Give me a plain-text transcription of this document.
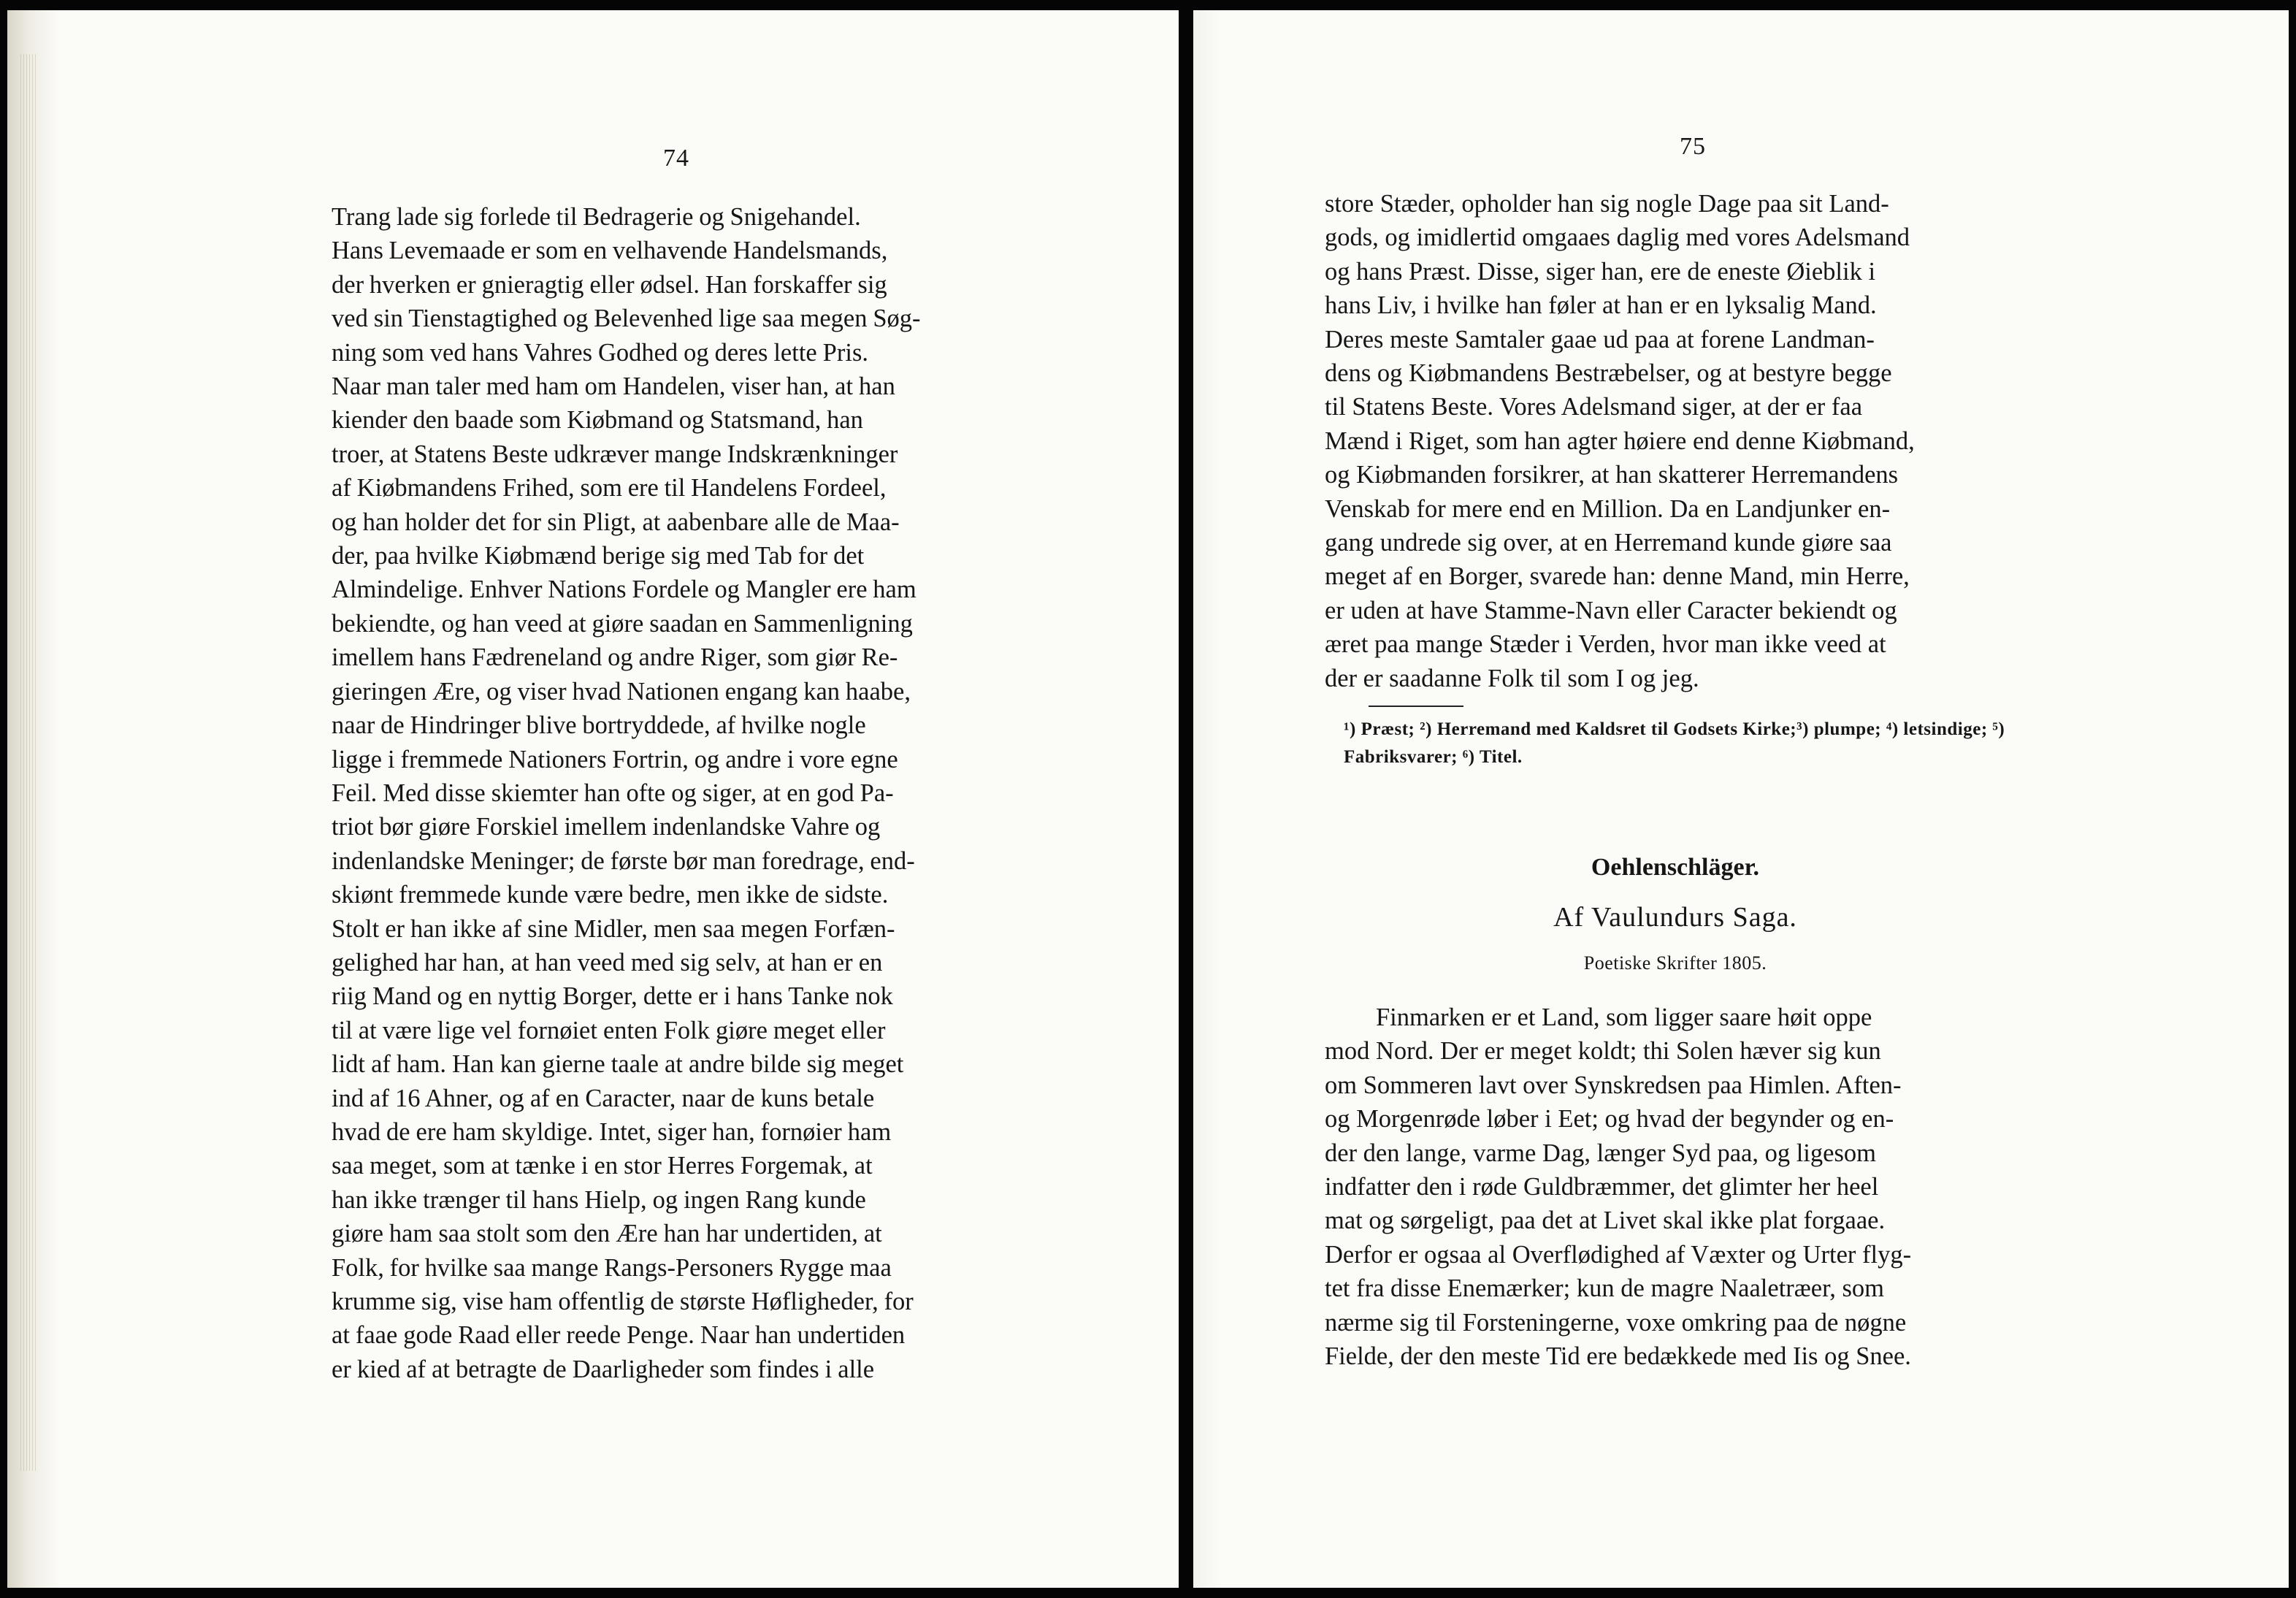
74
Trang lade sig forlede til Bedragerie og Snigehandel.
Hans Levemaade er som en velhavende Handelsmands,
der hverken er gnieragtig eller ødsel. Han forskaffer sig
ved sin Tienstagtighed og Belevenhed lige saa megen Søg-
ning som ved hans Vahres Godhed og deres lette Pris.
Naar man taler med ham om Handelen, viser han, at han
kiender den baade som Kiøbmand og Statsmand, han
troer, at Statens Beste udkræver mange Indskrænkninger
af Kiøbmandens Frihed, som ere til Handelens Fordeel,
og han holder det for sin Pligt, at aabenbare alle de Maa-
der, paa hvilke Kiøbmænd berige sig med Tab for det
Almindelige. Enhver Nations Fordele og Mangler ere ham
bekiendte, og han veed at giøre saadan en Sammenligning
imellem hans Fædreneland og andre Riger, som giør Re-
gieringen Ære, og viser hvad Nationen engang kan haabe,
naar de Hindringer blive bortryddede, af hvilke nogle
ligge i fremmede Nationers Fortrin, og andre i vore egne
Feil. Med disse skiemter han ofte og siger, at en god Pa-
triot bør giøre Forskiel imellem indenlandske Vahre og
indenlandske Meninger; de første bør man foredrage, end-
skiønt fremmede kunde være bedre, men ikke de sidste.
Stolt er han ikke af sine Midler, men saa megen Forfæn-
gelighed har han, at han veed med sig selv, at han er en
riig Mand og en nyttig Borger, dette er i hans Tanke nok
til at være lige vel fornøiet enten Folk giøre meget eller
lidt af ham. Han kan gierne taale at andre bilde sig meget
ind af 16 Ahner, og af en Caracter, naar de kuns betale
hvad de ere ham skyldige. Intet, siger han, fornøier ham
saa meget, som at tænke i en stor Herres Forgemak, at
han ikke trænger til hans Hielp, og ingen Rang kunde
giøre ham saa stolt som den Ære han har undertiden, at
Folk, for hvilke saa mange Rangs-Personers Rygge maa
krumme sig, vise ham offentlig de største Høfligheder, for
at faae gode Raad eller reede Penge. Naar han undertiden
er kied af at betragte de Daarligheder som findes i alle
75
store Stæder, opholder han sig nogle Dage paa sit Land-
gods, og imidlertid omgaaes daglig med vores Adelsmand
og hans Præst. Disse, siger han, ere de eneste Øieblik i
hans Liv, i hvilke han føler at han er en lyksalig Mand.
Deres meste Samtaler gaae ud paa at forene Landman-
dens og Kiøbmandens Bestræbelser, og at bestyre begge
til Statens Beste. Vores Adelsmand siger, at der er faa
Mænd i Riget, som han agter høiere end denne Kiøbmand,
og Kiøbmanden forsikrer, at han skatterer Herremandens
Venskab for mere end en Million. Da en Landjunker en-
gang undrede sig over, at en Herremand kunde giøre saa
meget af en Borger, svarede han: denne Mand, min Herre,
er uden at have Stamme-Navn eller Caracter bekiendt og
æret paa mange Stæder i Verden, hvor man ikke veed at
der er saadanne Folk til som I og jeg.
¹) Præst; ²) Herremand med Kaldsret til Godsets Kirke;³) plumpe; ⁴) letsindige; ⁵) Fabriksvarer; ⁶) Titel.
Oehlenschläger.
Af Vaulundurs Saga.
Poetiske Skrifter 1805.
Finmarken er et Land, som ligger saare høit oppe
mod Nord. Der er meget koldt; thi Solen hæver sig kun
om Sommeren lavt over Synskredsen paa Himlen. Aften-
og Morgenrøde løber i Eet; og hvad der begynder og en-
der den lange, varme Dag, længer Syd paa, og ligesom
indfatter den i røde Guldbræmmer, det glimter her heel
mat og sørgeligt, paa det at Livet skal ikke plat forgaae.
Derfor er ogsaa al Overflødighed af Væxter og Urter flyg-
tet fra disse Enemærker; kun de magre Naaletræer, som
nærme sig til Forsteningerne, voxe omkring paa de nøgne
Fielde, der den meste Tid ere bedækkede med Iis og Snee.
